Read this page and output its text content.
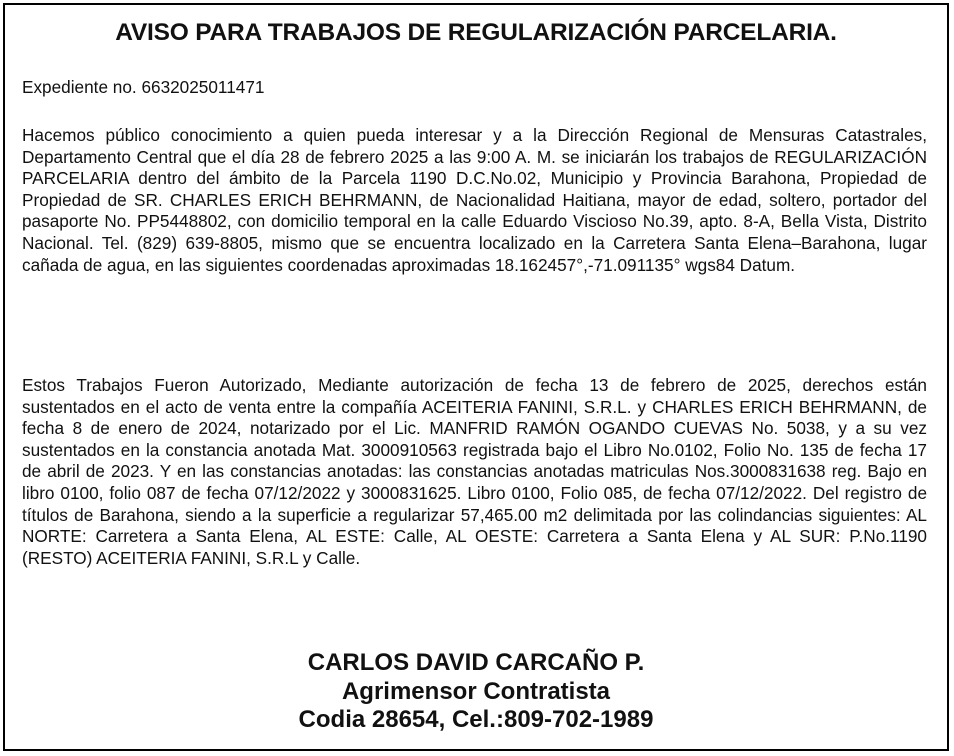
AVISO PARA TRABAJOS DE REGULARIZACIÓN PARCELARIA.
Expediente no. 6632025011471

Hacemos público conocimiento a quien pueda interesar y a la Dirección Regional de Mensuras Catastrales, Departamento Central que el día 28 de febrero 2025 a las 9:00 A. M. se iniciarán los trabajos de REGULARIZACIÓN PARCELARIA dentro del ámbito de la Parcela 1190 D.C.No.02, Municipio y Provincia Barahona, Propiedad de Propiedad de SR. CHARLES ERICH BEHRMANN, de Nacionalidad Haitiana, mayor de edad, soltero, portador del pasaporte No. PP5448802, con domicilio temporal en la calle Eduardo Viscioso No.39, apto. 8-A, Bella Vista, Distrito Nacional. Tel. (829) 639-8805, mismo que se encuentra localizado en la Carretera Santa Elena–Barahona, lugar cañada de agua, en las siguientes coordenadas aproximadas 18.162457°,-71.091135° wgs84 Datum.

Estos Trabajos Fueron Autorizado, Mediante autorización de fecha 13 de febrero de 2025, derechos están sustentados en el acto de venta entre la compañía ACEITERIA FANINI, S.R.L. y CHARLES ERICH BEHRMANN, de fecha 8 de enero de 2024, notarizado por el Lic. MANFRID RAMÓN OGANDO CUEVAS No. 5038, y a su vez sustentados en la constancia anotada Mat. 3000910563 registrada bajo el Libro No.0102, Folio No. 135 de fecha 17 de abril de 2023. Y en las constancias anotadas: las constancias anotadas matriculas Nos.3000831638 reg. Bajo en libro 0100, folio 087 de fecha 07/12/2022 y 3000831625. Libro 0100, Folio 085, de fecha 07/12/2022. Del registro de títulos de Barahona, siendo a la superficie a regularizar 57,465.00 m2 delimitada por las colindancias siguientes: AL NORTE: Carretera a Santa Elena, AL ESTE: Calle, AL OESTE: Carretera a Santa Elena y AL SUR: P.No.1190 (RESTO) ACEITERIA FANINI, S.R.L y Calle.

CARLOS DAVID CARCAÑO P.
Agrimensor Contratista
Codia 28654, Cel.:809-702-1989
